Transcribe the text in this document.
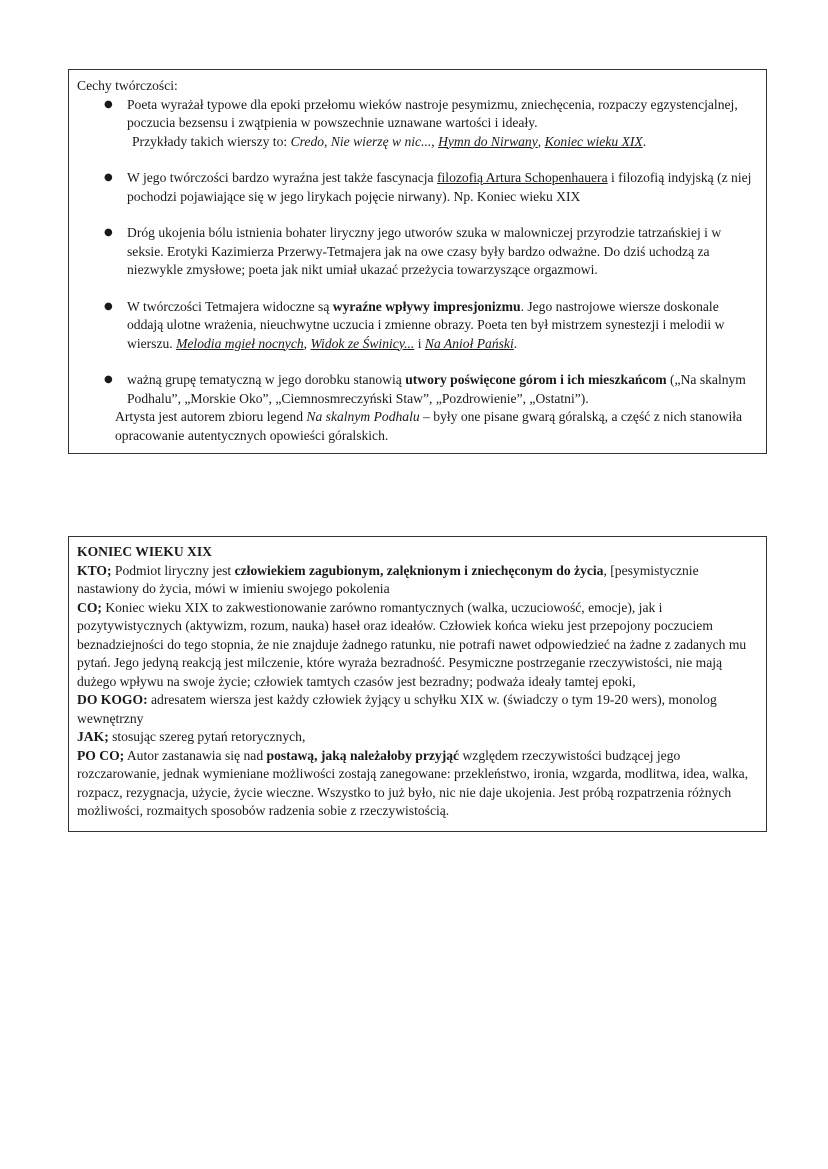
Cechy twórczości:

● Poeta wyrażał typowe dla epoki przełomu wieków nastroje pesymizmu, zniechęcenia, rozpaczy egzystencjalnej, poczucia bezsensu i zwątpienia w powszechnie uznawane wartości i ideały.
Przykłady takich wierszy to: Credo, Nie wierzę w nic..., Hymn do Nirwany, Koniec wieku XIX.
● W jego twórczości bardzo wyraźna jest także fascynacja filozofią Artura Schopenhauera i filozofią indyjską (z niej pochodzi pojawiające się w jego lirykach pojęcie nirwany). Np. Koniec wieku XIX
● Dróg ukojenia bólu istnienia bohater liryczny jego utworów szuka w malowniczej przyrodzie tatrzańskiej i w seksie. Erotyki Kazimierza Przerwy-Tetmajera jak na owe czasy były bardzo odważne. Do dziś uchodzą za niezwykle zmysłowe; poeta jak nikt umiał ukazać przeżycia towarzyszące orgazmowi.
● W twórczości Tetmajera widoczne są wyraźne wpływy impresjonizmu. Jego nastrojowe wiersze doskonale oddają ulotne wrażenia, nieuchwytne uczucia i zmienne obrazy. Poeta ten był mistrzem synestezji i melodii w wierszu. Melodia mgieł nocnych, Widok ze Świnicy... i Na Anioł Pański.
● ważną grupę tematyczną w jego dorobku stanowią utwory poświęcone górom i ich mieszkańcom („Na skalnym Podhalu”, „Morskie Oko”, „Ciemnosmreczyński Staw”, „Pozdrowienie”, „Ostatni”).

Artysta jest autorem zbioru legend Na skalnym Podhalu – były one pisane gwarą góralską, a część z nich stanowiła opracowanie autentycznych opowieści góralskich.

KONIEC WIEKU XIX

KTO; Podmiot liryczny jest człowiekiem zagubionym, zalęknionym i zniechęconym do życia, [pesymistycznie nastawiony do życia, mówi w imieniu swojego pokolenia

CO; Koniec wieku XIX to zakwestionowanie zarówno romantycznych (walka, uczuciowość, emocje), jak i pozytywistycznych (aktywizm, rozum, nauka) haseł oraz ideałów. Człowiek końca wieku jest przepojony poczuciem beznadziejności do tego stopnia, że nie znajduje żadnego ratunku, nie potrafi nawet odpowiedzieć na żadne z zadanych mu pytań. Jego jedyną reakcją jest milczenie, które wyraża bezradność. Pesymiczne postrzeganie rzeczywistości, nie mają dużego wpływu na swoje życie; człowiek tamtych czasów jest bezradny; podważa ideały tamtej epoki,

DO KOGO: adresatem wiersza jest każdy człowiek żyjący u schyłku XIX w. (świadczy o tym 19-20 wers), monolog wewnętrzny

JAK; stosując szereg pytań retorycznych,

PO CO; Autor zastanawia się nad postawą, jaką należałoby przyjąć względem rzeczywistości budzącej jego rozczarowanie, jednak wymieniane możliwości zostają zanegowane: przekleństwo, ironia, wzgarda, modlitwa, idea, walka, rozpacz, rezygnacja, użycie, życie wieczne. Wszystko to już było, nic nie daje ukojenia. Jest próbą rozpatrzenia różnych możliwości, rozmaitych sposobów radzenia sobie z rzeczywistością.
